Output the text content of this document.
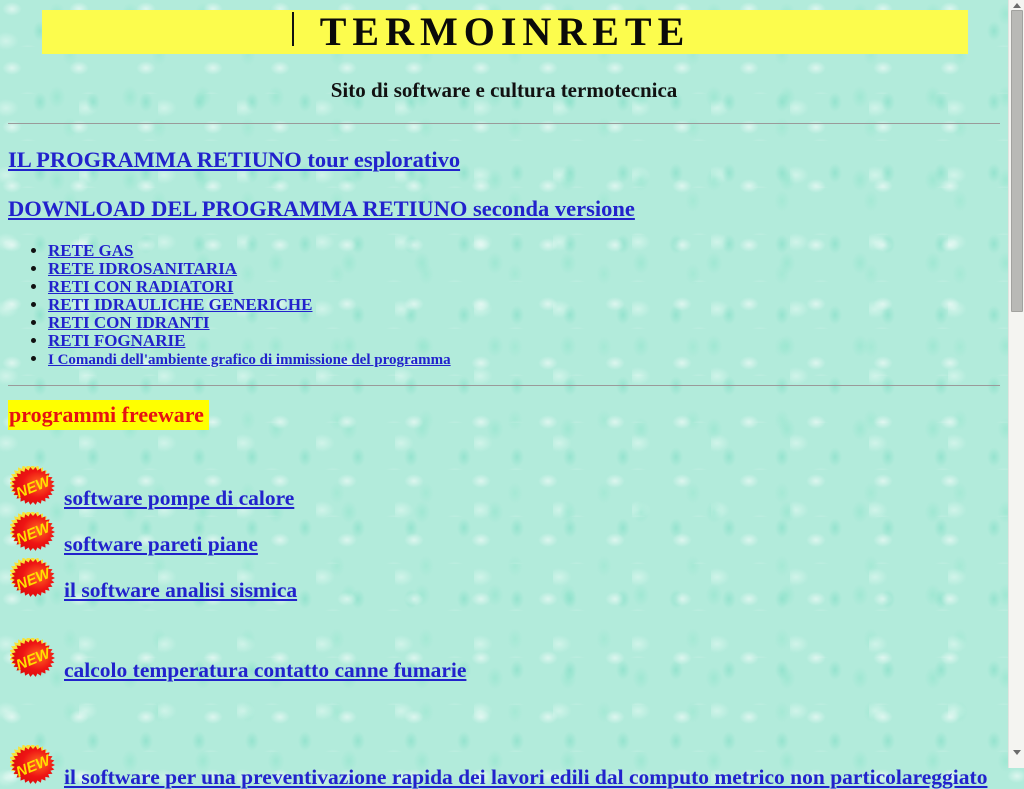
TERMOINRETE
Sito di software e cultura termotecnica
IL PROGRAMMA RETIUNO tour esplorativo
DOWNLOAD DEL PROGRAMMA RETIUNO seconda versione
• RETE GAS
• RETE IDROSANITARIA
• RETI CON RADIATORI
• RETI IDRAULICHE GENERICHE
• RETI CON IDRANTI
• RETI FOGNARIE
• I Comandi dell'ambiente grafico di immissione del programma
programmi freeware
NEW software pompe di calore
NEW software pareti piane
NEW il software analisi sismica
NEW calcolo temperatura contatto canne fumarie
NEW il software per una preventivazione rapida dei lavori edili dal computo metrico non particolareggiato
